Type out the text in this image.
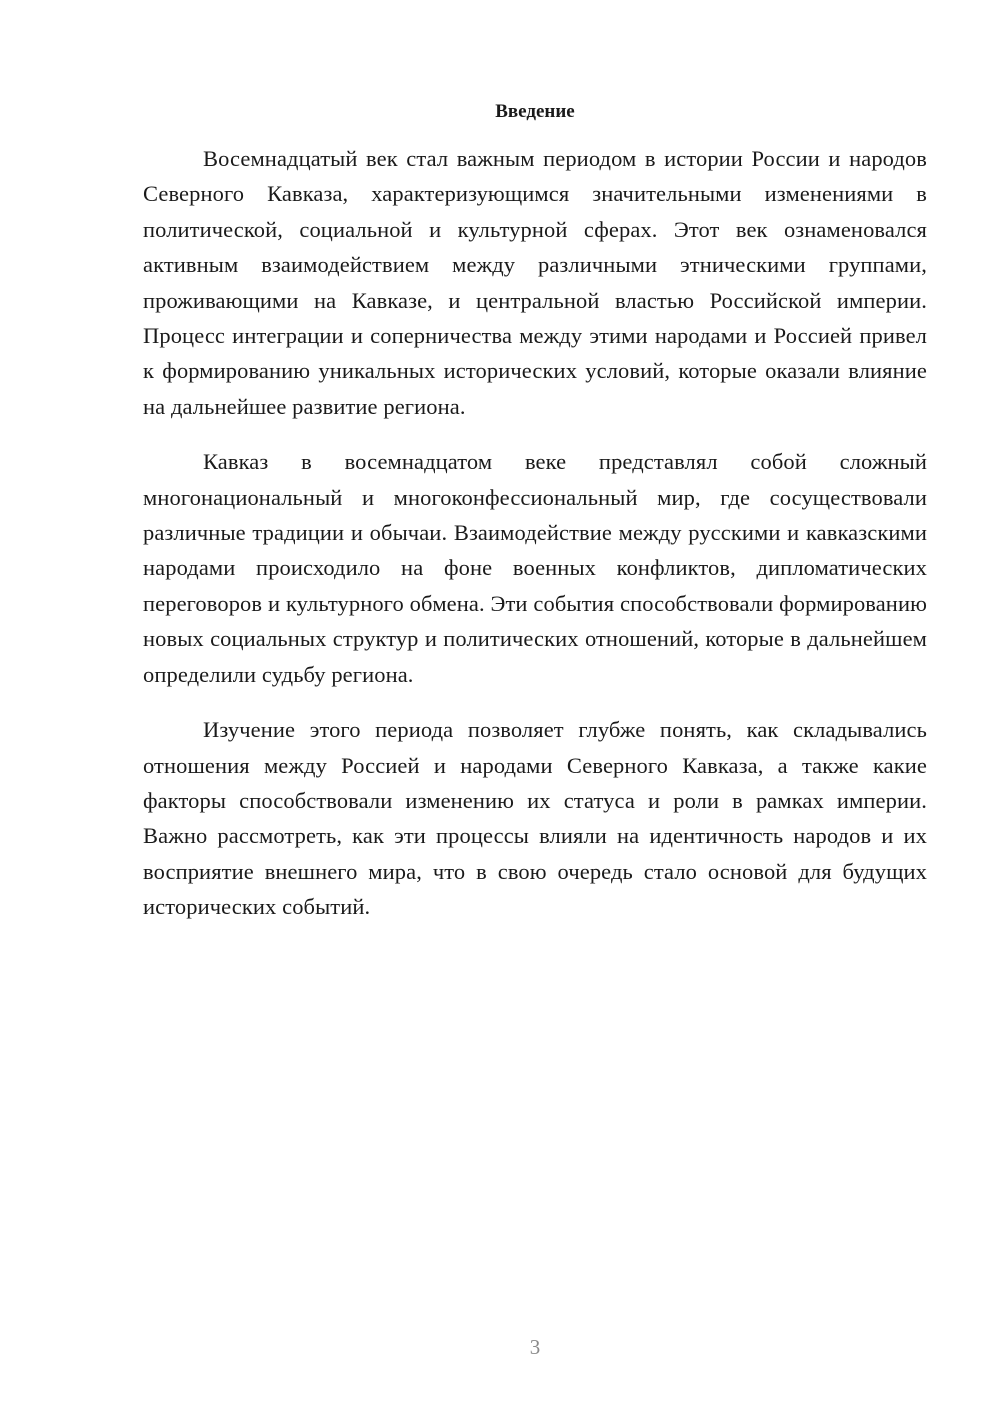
Введение

Восемнадцатый век стал важным периодом в истории России и народов Северного Кавказа, характеризующимся значительными изменениями в политической, социальной и культурной сферах. Этот век ознаменовался активным взаимодействием между различными этническими группами, проживающими на Кавказе, и центральной властью Российской империи. Процесс интеграции и соперничества между этими народами и Россией привел к формированию уникальных исторических условий, которые оказали влияние на дальнейшее развитие региона.

Кавказ в восемнадцатом веке представлял собой сложный многонациональный и многоконфессиональный мир, где сосуществовали различные традиции и обычаи. Взаимодействие между русскими и кавказскими народами происходило на фоне военных конфликтов, дипломатических переговоров и культурного обмена. Эти события способствовали формированию новых социальных структур и политических отношений, которые в дальнейшем определили судьбу региона.

Изучение этого периода позволяет глубже понять, как складывались отношения между Россией и народами Северного Кавказа, а также какие факторы способствовали изменению их статуса и роли в рамках империи. Важно рассмотреть, как эти процессы влияли на идентичность народов и их восприятие внешнего мира, что в свою очередь стало основой для будущих исторических событий.

3
